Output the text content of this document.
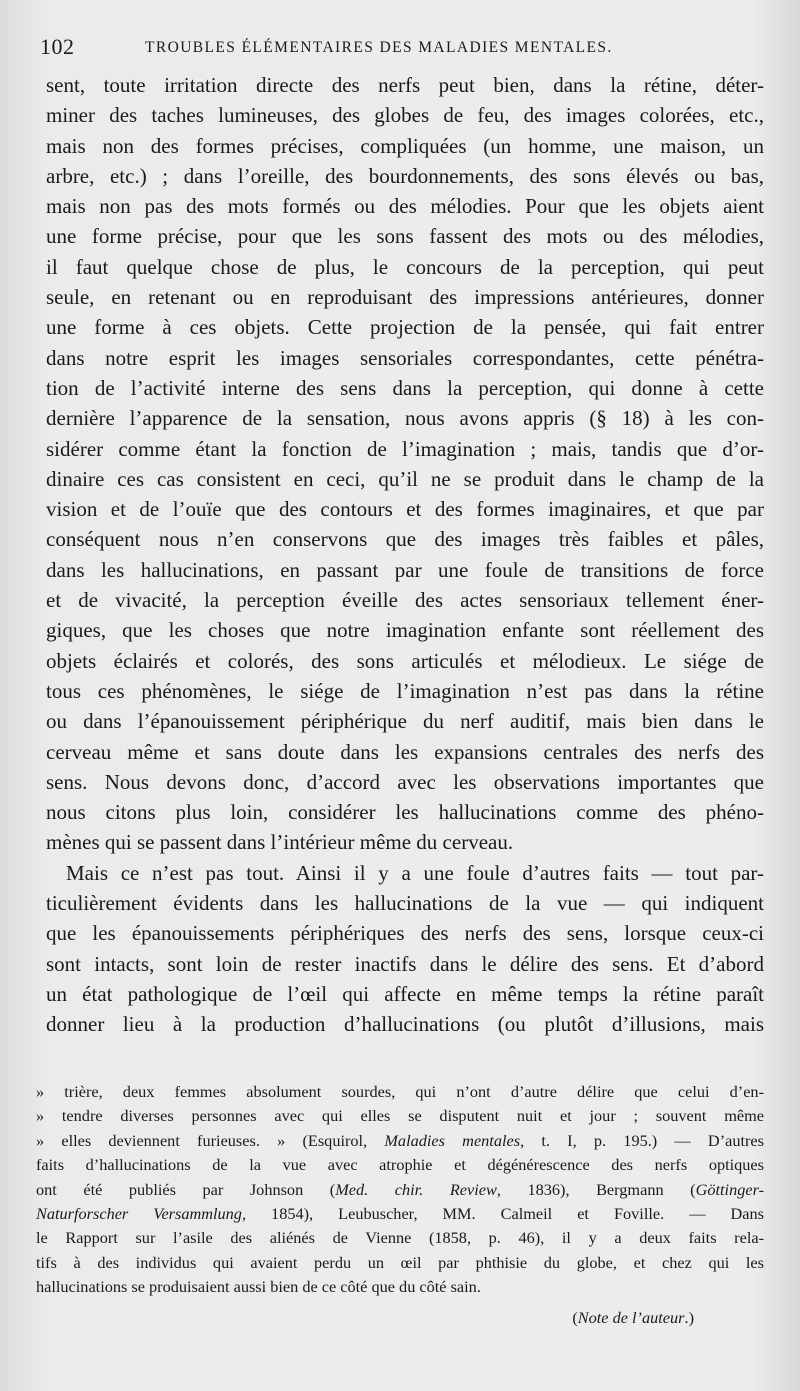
102	TROUBLES ÉLÉMENTAIRES DES MALADIES MENTALES.
sent, toute irritation directe des nerfs peut bien, dans la rétine, déter-
miner des taches lumineuses, des globes de feu, des images colorées, etc.,
mais non des formes précises, compliquées (un homme, une maison, un
arbre, etc.) ; dans l’oreille, des bourdonnements, des sons élevés ou bas,
mais non pas des mots formés ou des mélodies. Pour que les objets aient
une forme précise, pour que les sons fassent des mots ou des mélodies,
il faut quelque chose de plus, le concours de la perception, qui peut
seule, en retenant ou en reproduisant des impressions antérieures, donner
une forme à ces objets. Cette projection de la pensée, qui fait entrer
dans notre esprit les images sensoriales correspondantes, cette pénétra-
tion de l’activité interne des sens dans la perception, qui donne à cette
dernière l’apparence de la sensation, nous avons appris (§ 18) à les con-
sidérer comme étant la fonction de l’imagination ; mais, tandis que d’or-
dinaire ces cas consistent en ceci, qu’il ne se produit dans le champ de la
vision et de l’ouïe que des contours et des formes imaginaires, et que par
conséquent nous n’en conservons que des images très faibles et pâles,
dans les hallucinations, en passant par une foule de transitions de force
et de vivacité, la perception éveille des actes sensoriaux tellement éner-
giques, que les choses que notre imagination enfante sont réellement des
objets éclairés et colorés, des sons articulés et mélodieux. Le siége de
tous ces phénomènes, le siége de l’imagination n’est pas dans la rétine
ou dans l’épanouissement périphérique du nerf auditif, mais bien dans le
cerveau même et sans doute dans les expansions centrales des nerfs des
sens. Nous devons donc, d’accord avec les observations importantes que
nous citons plus loin, considérer les hallucinations comme des phéno-
mènes qui se passent dans l’intérieur même du cerveau.
Mais ce n’est pas tout. Ainsi il y a une foule d’autres faits — tout par-
ticulièrement évidents dans les hallucinations de la vue — qui indiquent
que les épanouissements périphériques des nerfs des sens, lorsque ceux-ci
sont intacts, sont loin de rester inactifs dans le délire des sens. Et d’abord
un état pathologique de l’œil qui affecte en même temps la rétine paraît
donner lieu à la production d’hallucinations (ou plutôt d’illusions, mais
» trière, deux femmes absolument sourdes, qui n’ont d’autre délire que celui d’en-
» tendre diverses personnes avec qui elles se disputent nuit et jour ; souvent même
» elles deviennent furieuses. » (Esquirol, Maladies mentales, t. I, p. 195.) — D’autres
faits d’hallucinations de la vue avec atrophie et dégénérescence des nerfs optiques
ont été publiés par Johnson (Med. chir. Review, 1836), Bergmann (Göttinger-
Naturforscher Versammlung, 1854), Leubuscher, MM. Calmeil et Foville. — Dans
le Rapport sur l’asile des aliénés de Vienne (1858, p. 46), il y a deux faits rela-
tifs à des individus qui avaient perdu un œil par phthisie du globe, et chez qui les
hallucinations se produisaient aussi bien de ce côté que du côté sain.
(Note de l’auteur.)
